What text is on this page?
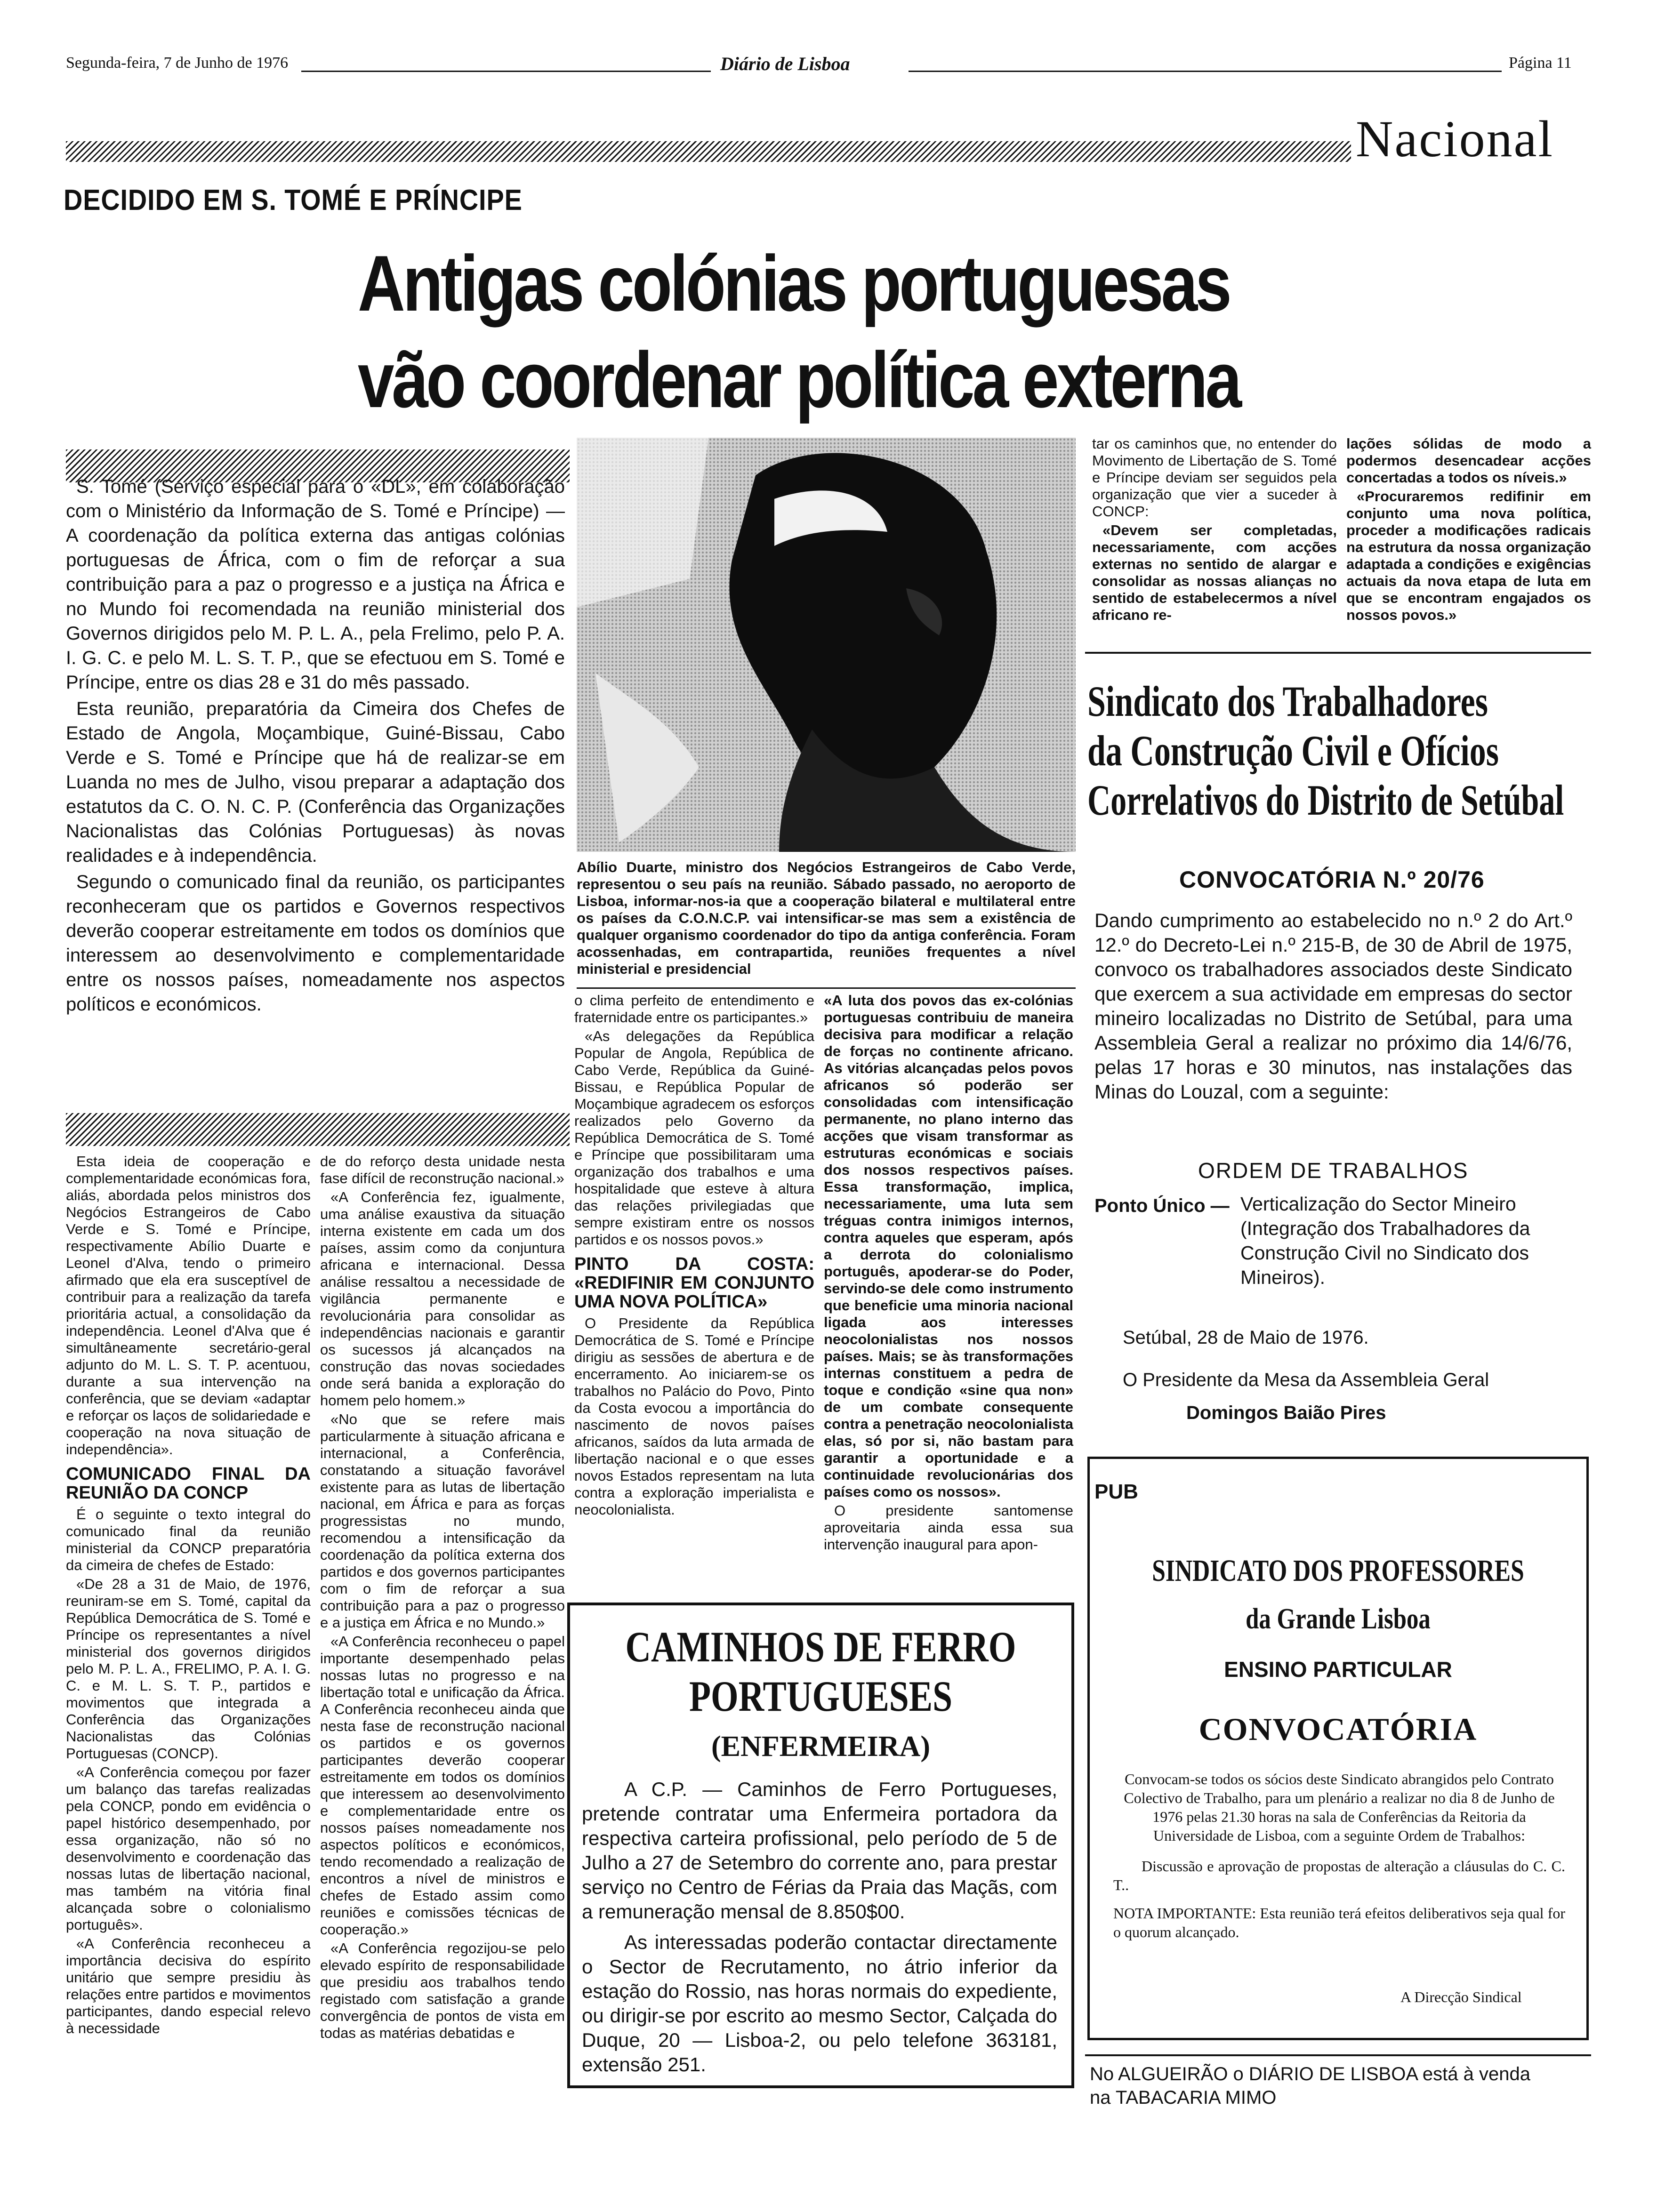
Segunda-feira, 7 de Junho de 1976	Diário de Lisboa	Página 11
Nacional
DECIDIDO EM S. TOMÉ E PRÍNCIPE
Antigas colónias portuguesas
vão coordenar política externa

S. Tomé (Serviço especial para o «DL», em colaboração com o Ministério da Informação de S. Tomé e Príncipe) — A coordenação da política externa das antigas colónias portuguesas de África, com o fim de reforçar a sua contribuição para a paz o progresso e a justiça na África e no Mundo foi recomendada na reunião ministerial dos Governos dirigidos pelo M. P. L. A., pela Frelimo, pelo P. A. I. G. C. e pelo M. L. S. T. P., que se efectuou em S. Tomé e Príncipe, entre os dias 28 e 31 do mês passado.

Esta reunião, preparatória da Cimeira dos Chefes de Estado de Angola, Moçambique, Guiné-Bissau, Cabo Verde e S. Tomé e Príncipe que há de realizar-se em Luanda no mes de Julho, visou preparar a adaptação dos estatutos da C. O. N. C. P. (Conferência das Organizações Nacionalistas das Colónias Portuguesas) às novas realidades e à independência.

Segundo o comunicado final da reunião, os participantes reconheceram que os partidos e Governos respectivos deverão cooperar estreitamente em todos os domínios que interessem ao desenvolvimento e complementaridade entre os nossos países, nomeadamente nos aspectos políticos e económicos.

Abílio Duarte, ministro dos Negócios Estrangeiros de Cabo Verde, representou o seu país na reunião. Sábado passado, no aeroporto de Lisboa, informar-nos-ia que a cooperação bilateral e multilateral entre os países da C.O.N.C.P. vai intensificar-se mas sem a existência de qualquer organismo coordenador do tipo da antiga conferência. Foram acossenhadas, em contrapartida, reuniões frequentes a nível ministerial e presidencial

Esta ideia de cooperação e complementaridade económicas fora, aliás, abordada pelos ministros dos Negócios Estrangeiros de Cabo Verde e S. Tomé e Príncipe, respectivamente Abílio Duarte e Leonel d'Alva, tendo o primeiro afirmado que ela era susceptível de contribuir para a realização da tarefa prioritária actual, a consolidação da independência. Leonel d'Alva que é simultâneamente secretário-geral adjunto do M. L. S. T. P. acentuou, durante a sua intervenção na conferência, que se deviam «adaptar e reforçar os laços de solidariedade e cooperação na nova situação de independência».

COMUNICADO FINAL DA REUNIÃO DA CONCP

É o seguinte o texto integral do comunicado final da reunião ministerial da CONCP preparatória da cimeira de chefes de Estado:

«De 28 a 31 de Maio, de 1976, reuniram-se em S. Tomé, capital da República Democrática de S. Tomé e Príncipe os representantes a nível ministerial dos governos dirigidos pelo M. P. L. A., FRELIMO, P. A. I. G. C. e M. L. S. T. P., partidos e movimentos que integrada a Conferência das Organizações Nacionalistas das Colónias Portuguesas (CONCP).

«A Conferência começou por fazer um balanço das tarefas realizadas pela CONCP, pondo em evidência o papel histórico desempenhado, por essa organização, não só no desenvolvimento e coordenação das nossas lutas de libertação nacional, mas também na vitória final alcançada sobre o colonialismo português».

«A Conferência reconheceu a importância decisiva do espírito unitário que sempre presidiu às relações entre partidos e movimentos participantes, dando especial relevo à necessidade

de do reforço desta unidade nesta fase difícil de reconstrução nacional.»

«A Conferência fez, igualmente, uma análise exaustiva da situação interna existente em cada um dos países, assim como da conjuntura africana e internacional. Dessa análise ressaltou a necessidade de vigilância permanente e revolucionária para consolidar as independências nacionais e garantir os sucessos já alcançados na construção das novas sociedades onde será banida a exploração do homem pelo homem.»

«No que se refere mais particularmente à situação africana e internacional, a Conferência, constatando a situação favorável existente para as lutas de libertação nacional, em África e para as forças progressistas no mundo, recomendou a intensificação da coordenação da política externa dos partidos e dos governos participantes com o fim de reforçar a sua contribuição para a paz o progresso e a justiça em África e no Mundo.»

«A Conferência reconheceu o papel importante desempenhado pelas nossas lutas no progresso e na libertação total e unificação da África. A Conferência reconheceu ainda que nesta fase de reconstrução nacional os partidos e os governos participantes deverão cooperar estreitamente em todos os domínios que interessem ao desenvolvimento e complementaridade entre os nossos países nomeadamente nos aspectos políticos e económicos, tendo recomendado a realização de encontros a nível de ministros e chefes de Estado assim como reuniões e comissões técnicas de cooperação.»

«A Conferência regozijou-se pelo elevado espírito de responsabilidade que presidiu aos trabalhos tendo registado com satisfação a grande convergência de pontos de vista em todas as matérias debatidas e

o clima perfeito de entendimento e fraternidade entre os participantes.»

«As delegações da República Popular de Angola, República de Cabo Verde, República da Guiné-Bissau, e República Popular de Moçambique agradecem os esforços realizados pelo Governo da República Democrática de S. Tomé e Príncipe que possibilitaram uma organização dos trabalhos e uma hospitalidade que esteve à altura das relações privilegiadas que sempre existiram entre os nossos partidos e os nossos povos.»

PINTO DA COSTA: «REDIFINIR EM CONJUNTO UMA NOVA POLÍTICA»

O Presidente da República Democrática de S. Tomé e Príncipe dirigiu as sessões de abertura e de encerramento. Ao iniciarem-se os trabalhos no Palácio do Povo, Pinto da Costa evocou a importância do nascimento de novos países africanos, saídos da luta armada de libertação nacional e o que esses novos Estados representam na luta contra a exploração imperialista e neocolonialista.

«A luta dos povos das ex-colónias portuguesas contribuiu de maneira decisiva para modificar a relação de forças no continente africano. As vitórias alcançadas pelos povos africanos só poderão ser consolidadas com intensificação permanente, no plano interno das acções que visam transformar as estruturas económicas e sociais dos nossos respectivos países. Essa transformação, implica, necessariamente, uma luta sem tréguas contra inimigos internos, contra aqueles que esperam, após a derrota do colonialismo português, apoderar-se do Poder, servindo-se dele como instrumento que beneficie uma minoria nacional ligada aos interesses neocolonialistas nos nossos países. Mais; se às transformações internas constituem a pedra de toque e condição «sine qua non» de um combate consequente contra a penetração neocolonialista elas, só por si, não bastam para garantir a oportunidade e a continuidade revolucionárias dos países como os nossos».

O presidente santomense aproveitaria ainda essa sua intervenção inaugural para apon-

tar os caminhos que, no entender do Movimento de Libertação de S. Tomé e Príncipe deviam ser seguidos pela organização que vier a suceder à CONCP:

«Devem ser completadas, necessariamente, com acções externas no sentido de alargar e consolidar as nossas alianças no sentido de estabelecermos a nível africano re-

lações sólidas de modo a podermos desencadear acções concertadas a todos os níveis.»

«Procuraremos redifinir em conjunto uma nova política, proceder a modificações radicais na estrutura da nossa organização adaptada a condições e exigências actuais da nova etapa de luta em que se encontram engajados os nossos povos.»

Sindicato dos Trabalhadores
da Construção Civil e Ofícios
Correlativos do Distrito de Setúbal
CONVOCATÓRIA N.º 20/76
Dando cumprimento ao estabelecido no n.º 2 do Art.º 12.º do Decreto-Lei n.º 215-B, de 30 de Abril de 1975, convoco os trabalhadores associados deste Sindicato que exercem a sua actividade em empresas do sector mineiro localizadas no Distrito de Setúbal, para uma Assembleia Geral a realizar no próximo dia 14/6/76, pelas 17 horas e 30 minutos, nas instalações das Minas do Louzal, com a seguinte:
ORDEM DE TRABALHOS
Ponto Único — Verticalização do Sector Mineiro (Integração dos Trabalhadores da Construção Civil no Sindicato dos Mineiros).
Setúbal, 28 de Maio de 1976.
O Presidente da Mesa da Assembleia Geral
Domingos Baião Pires
PUB
SINDICATO DOS PROFESSORES
da Grande Lisboa
ENSINO PARTICULAR
CONVOCATÓRIA
Convocam-se todos os sócios deste Sindicato abrangidos pelo Contrato Colectivo de Trabalho, para um plenário a realizar no dia 8 de Junho de 1976 pelas 21.30 horas na sala de Conferências da Reitoria da Universidade de Lisboa, com a seguinte Ordem de Trabalhos:
Discussão e aprovação de propostas de alteração a cláusulas do C. C. T..
NOTA IMPORTANTE: Esta reunião terá efeitos deliberativos seja qual for o quorum alcançado.
A Direcção Sindical
No ALGUEIRÃO o DIÁRIO DE LISBOA está à venda
na TABACARIA MIMO
CAMINHOS DE FERRO
PORTUGUESES
(ENFERMEIRA)
A C.P. — Caminhos de Ferro Portugueses, pretende contratar uma Enfermeira portadora da respectiva carteira profissional, pelo período de 5 de Julho a 27 de Setembro do corrente ano, para prestar serviço no Centro de Férias da Praia das Maçãs, com a remuneração mensal de 8.850$00.
As interessadas poderão contactar directamente o Sector de Recrutamento, no átrio inferior da estação do Rossio, nas horas normais do expediente, ou dirigir-se por escrito ao mesmo Sector, Calçada do Duque, 20 — Lisboa-2, ou pelo telefone 363181, extensão 251.
